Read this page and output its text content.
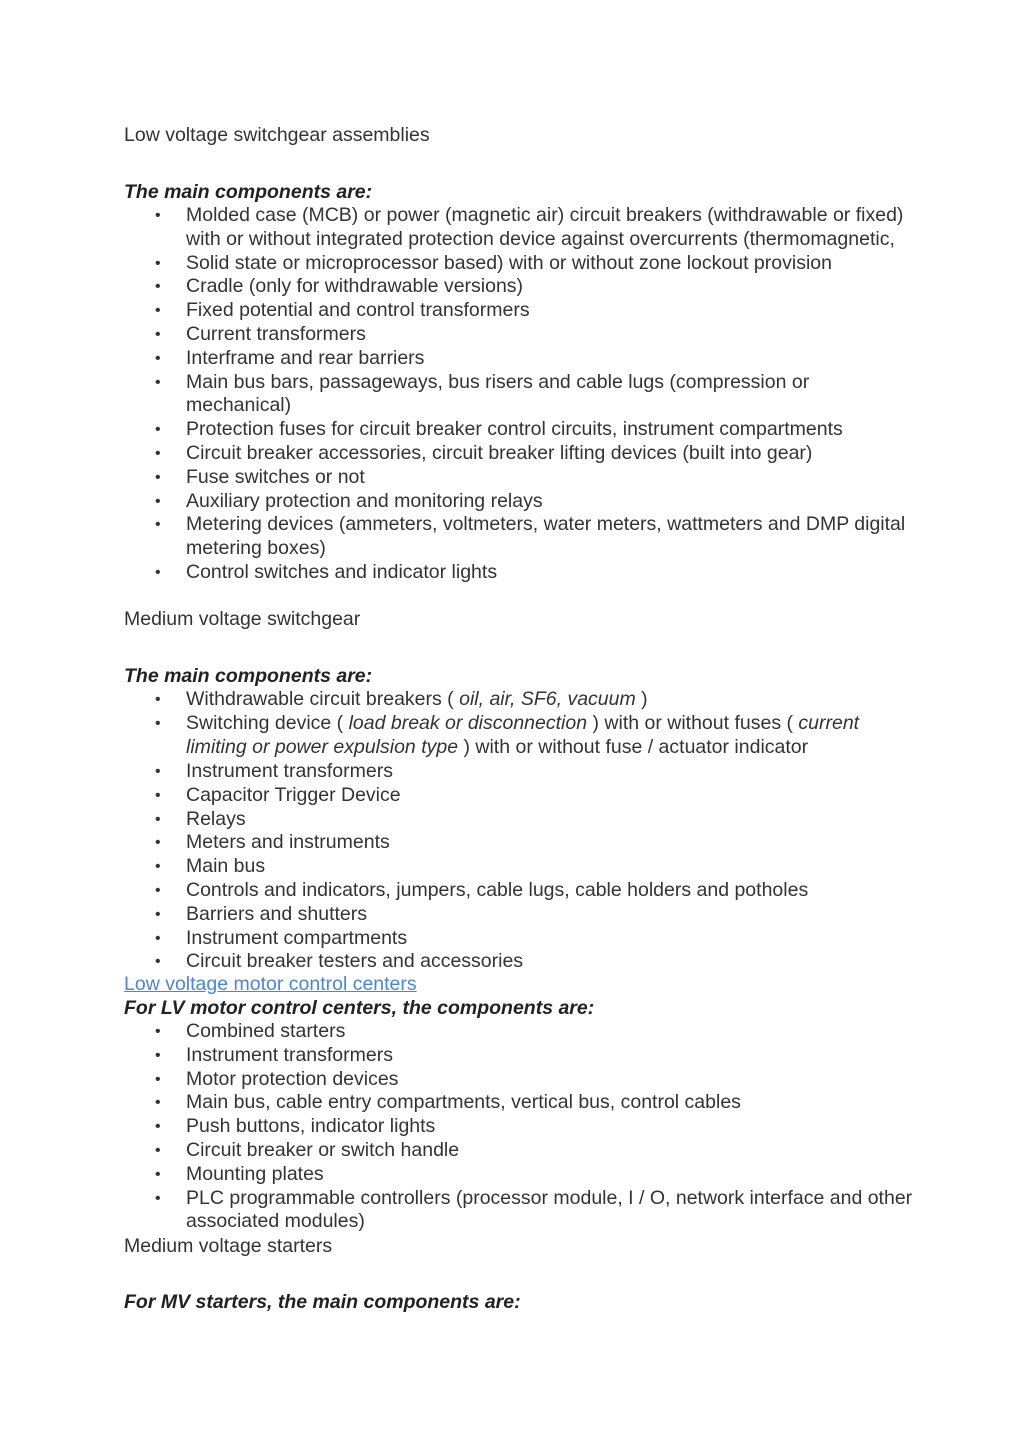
Low voltage switchgear assemblies
The main components are:
• Molded case (MCB) or power (magnetic air) circuit breakers (withdrawable or fixed) with or without integrated protection device against overcurrents (thermomagnetic,
• Solid state or microprocessor based) with or without zone lockout provision
• Cradle (only for withdrawable versions)
• Fixed potential and control transformers
• Current transformers
• Interframe and rear barriers
• Main bus bars, passageways, bus risers and cable lugs (compression or mechanical)
• Protection fuses for circuit breaker control circuits, instrument compartments
• Circuit breaker accessories, circuit breaker lifting devices (built into gear)
• Fuse switches or not
• Auxiliary protection and monitoring relays
• Metering devices (ammeters, voltmeters, water meters, wattmeters and DMP digital metering boxes)
• Control switches and indicator lights
Medium voltage switchgear
The main components are:
• Withdrawable circuit breakers ( oil, air, SF6, vacuum )
• Switching device ( load break or disconnection ) with or without fuses ( current limiting or power expulsion type ) with or without fuse / actuator indicator
• Instrument transformers
• Capacitor Trigger Device
• Relays
• Meters and instruments
• Main bus
• Controls and indicators, jumpers, cable lugs, cable holders and potholes
• Barriers and shutters
• Instrument compartments
• Circuit breaker testers and accessories
Low voltage motor control centers
For LV motor control centers, the components are:
• Combined starters
• Instrument transformers
• Motor protection devices
• Main bus, cable entry compartments, vertical bus, control cables
• Push buttons, indicator lights
• Circuit breaker or switch handle
• Mounting plates
• PLC programmable controllers (processor module, I / O, network interface and other associated modules)
Medium voltage starters
For MV starters, the main components are:
